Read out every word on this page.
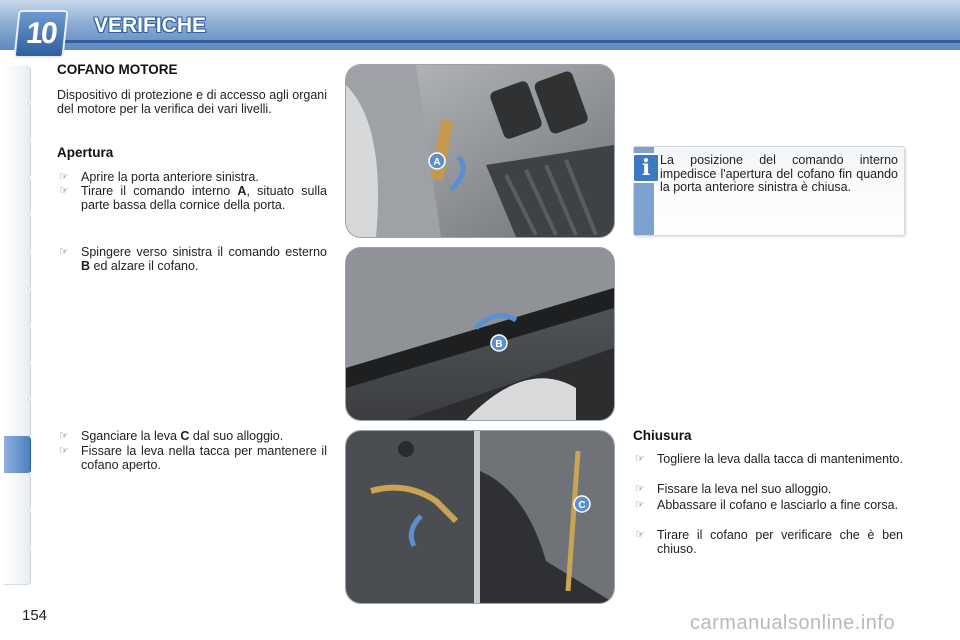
10	VERIFICHE
COFANO MOTORE
Dispositivo di protezione e di accesso agli organi del motore per la verifica dei vari livelli.
Apertura
☞ Aprire la porta anteriore sinistra.
☞ Tirare il comando interno A, situato sulla parte bassa della cornice della porta.
☞ Spingere verso sinistra il comando esterno B ed alzare il cofano.
☞ Sganciare la leva C dal suo alloggio.
☞ Fissare la leva nella tacca per mantenere il cofano aperto.
A
B
C
i La posizione del comando interno impedisce l'apertura del cofano fin quando la porta anteriore sinistra è chiusa.
Chiusura
☞ Togliere la leva dalla tacca di mantenimento.
☞ Fissare la leva nel suo alloggio.
☞ Abbassare il cofano e lasciarlo a fine corsa.
☞ Tirare il cofano per verificare che è ben chiuso.
154	carmanualsonline.info
